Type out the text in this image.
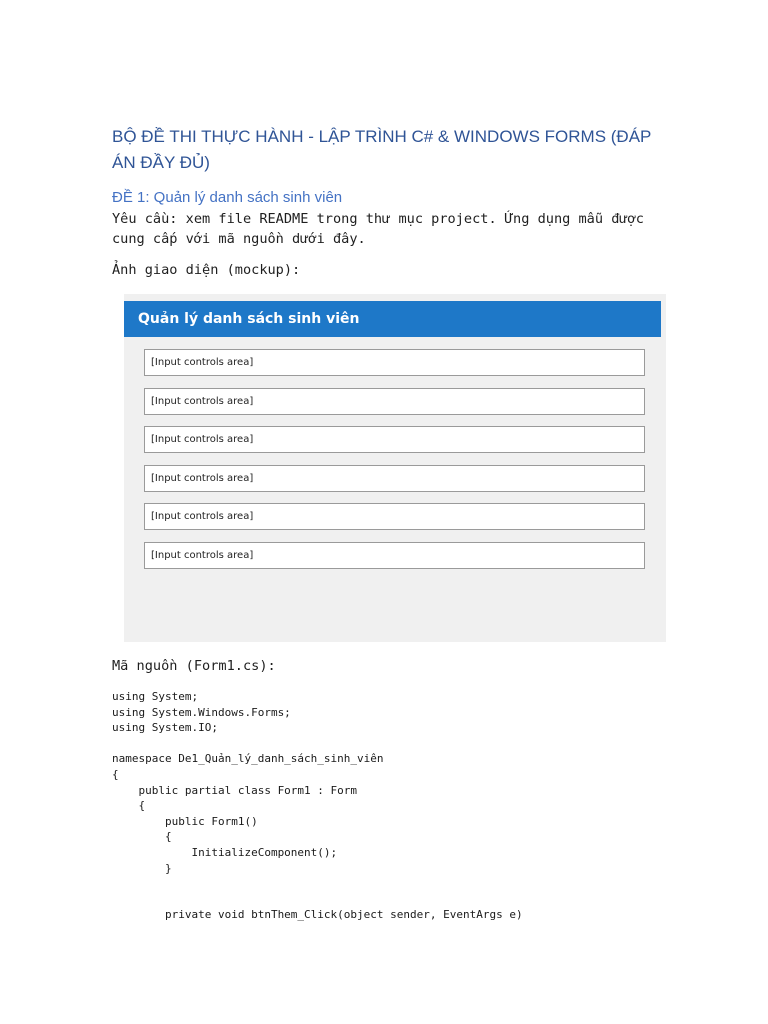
BỘ ĐỀ THI THỰC HÀNH - LẬP TRÌNH C# & WINDOWS FORMS (ĐÁP ÁN ĐẦY ĐỦ)
ĐỀ 1: Quản lý danh sách sinh viên

Yêu cầu: xem file README trong thư mục project. Ứng dụng mẫu được cung cấp với mã nguồn dưới đây.

Ảnh giao diện (mockup):

Quản lý danh sách sinh viên
[Input controls area]
[Input controls area]
[Input controls area]
[Input controls area]
[Input controls area]
[Input controls area]

Mã nguồn (Form1.cs):

using System;
using System.Windows.Forms;
using System.IO;

namespace De1_Quản_lý_danh_sách_sinh_viên
{
public partial class Form1 : Form
{
public Form1()
{
InitializeComponent();
}

private void btnThem_Click(object sender, EventArgs e)
